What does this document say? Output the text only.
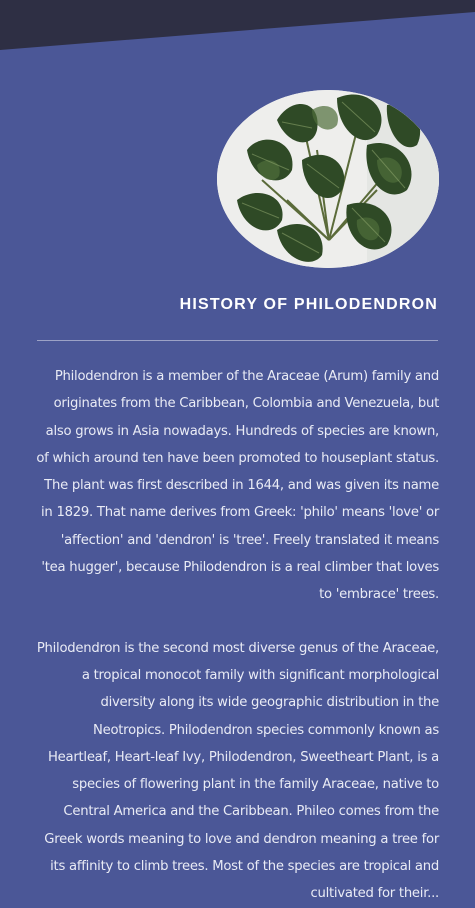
HISTORY OF PHILODENDRON

Philodendron is a member of the Araceae (Arum) family and originates from the Caribbean, Colombia and Venezuela, but also grows in Asia nowadays. Hundreds of species are known, of which around ten have been promoted to houseplant status. The plant was first described in 1644, and was given its name in 1829. That name derives from Greek: 'philo' means 'love' or 'affection' and 'dendron' is 'tree'. Freely translated it means 'tea hugger', because Philodendron is a real climber that loves to 'embrace' trees.

Philodendron is the second most diverse genus of the Araceae, a tropical monocot family with significant morphological diversity along its wide geographic distribution in the Neotropics. Philodendron species commonly known as Heartleaf, Heart-leaf Ivy, Philodendron, Sweetheart Plant, is a species of flowering plant in the family Araceae, native to Central America and the Caribbean. Phileo comes from the Greek words meaning to love and dendron meaning a tree for its affinity to climb trees. Most of the species are tropical and cultivated for their...
